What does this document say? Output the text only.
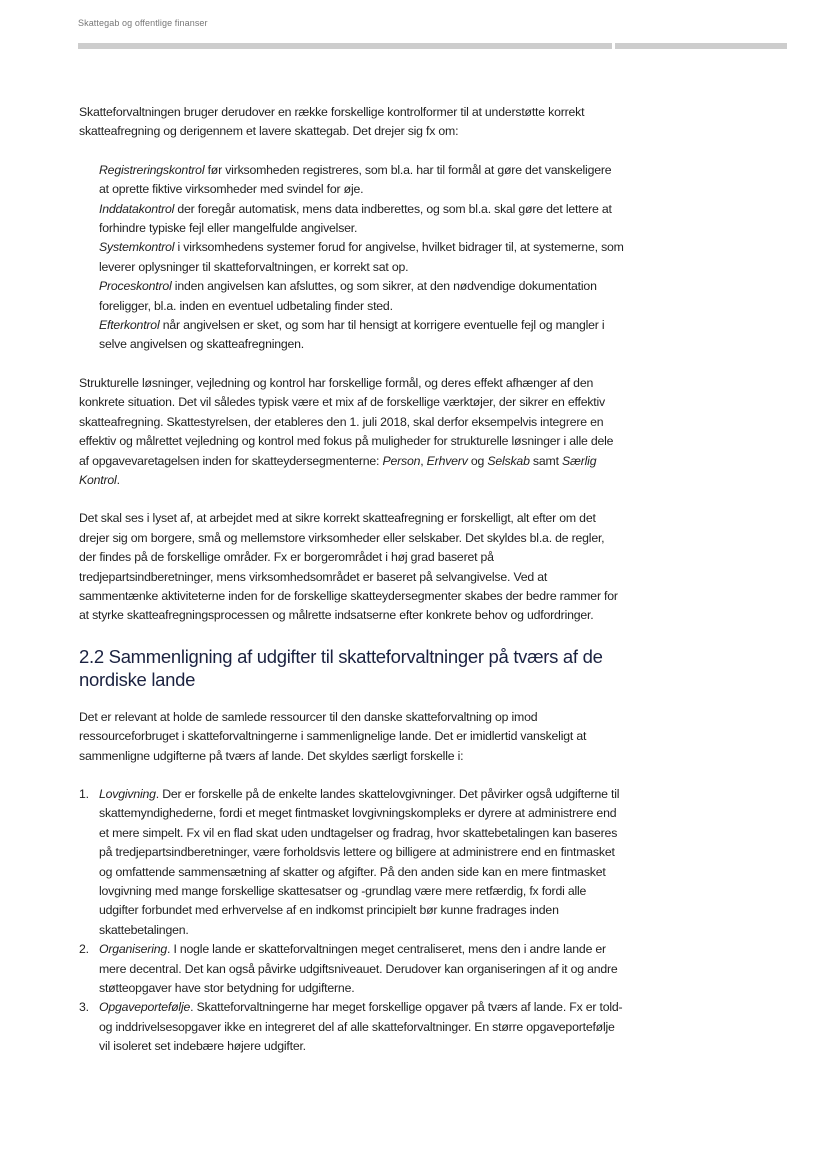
Skattegab og offentlige finanser

Skatteforvaltningen bruger derudover en række forskellige kontrolformer til at understøtte korrekt skatteafregning og derigennem et lavere skattegab. Det drejer sig fx om:

Registreringskontrol før virksomheden registreres, som bl.a. har til formål at gøre det vanskeligere at oprette fiktive virksomheder med svindel for øje.

Inddatakontrol der foregår automatisk, mens data indberettes, og som bl.a. skal gøre det lettere at forhindre typiske fejl eller mangelfulde angivelser.

Systemkontrol i virksomhedens systemer forud for angivelse, hvilket bidrager til, at systemerne, som leverer oplysninger til skatteforvaltningen, er korrekt sat op.

Proceskontrol inden angivelsen kan afsluttes, og som sikrer, at den nødvendige dokumentation foreligger, bl.a. inden en eventuel udbetaling finder sted.

Efterkontrol når angivelsen er sket, og som har til hensigt at korrigere eventuelle fejl og mangler i selve angivelsen og skatteafregningen.

Strukturelle løsninger, vejledning og kontrol har forskellige formål, og deres effekt afhænger af den konkrete situation. Det vil således typisk være et mix af de forskellige værktøjer, der sikrer en effektiv skatteafregning. Skattestyrelsen, der etableres den 1. juli 2018, skal derfor eksempelvis integrere en effektiv og målrettet vejledning og kontrol med fokus på muligheder for strukturelle løsninger i alle dele af opgavevaretagelsen inden for skatteydersegmenterne: Person, Erhverv og Selskab samt Særlig Kontrol.

Det skal ses i lyset af, at arbejdet med at sikre korrekt skatteafregning er forskelligt, alt efter om det drejer sig om borgere, små og mellemstore virksomheder eller selskaber. Det skyldes bl.a. de regler, der findes på de forskellige områder. Fx er borgerområdet i høj grad baseret på tredjepartsindberetninger, mens virksomhedsområdet er baseret på selvangivelse. Ved at sammentænke aktiviteterne inden for de forskellige skatteydersegmenter skabes der bedre rammer for at styrke skatteafregningsprocessen og målrette indsatserne efter konkrete behov og udfordringer.

2.2 Sammenligning af udgifter til skatteforvaltninger på tværs af de nordiske lande

Det er relevant at holde de samlede ressourcer til den danske skatteforvaltning op imod ressourceforbruget i skatteforvaltningerne i sammenlignelige lande. Det er imidlertid vanskeligt at sammenligne udgifterne på tværs af lande. Det skyldes særligt forskelle i:

1. Lovgivning. Der er forskelle på de enkelte landes skattelovgivninger. Det påvirker også udgifterne til skattemyndighederne, fordi et meget fintmasket lovgivningskompleks er dyrere at administrere end et mere simpelt. Fx vil en flad skat uden undtagelser og fradrag, hvor skattebetalingen kan baseres på tredjepartsindberetninger, være forholdsvis lettere og billigere at administrere end en fintmasket og omfattende sammensætning af skatter og afgifter. På den anden side kan en mere fintmasket lovgivning med mange forskellige skattesatser og -grundlag være mere retfærdig, fx fordi alle udgifter forbundet med erhvervelse af en indkomst principielt bør kunne fradrages inden skattebetalingen.
2. Organisering. I nogle lande er skatteforvaltningen meget centraliseret, mens den i andre lande er mere decentral. Det kan også påvirke udgiftsniveauet. Derudover kan organiseringen af it og andre støtteopgaver have stor betydning for udgifterne.
3. Opgaveportefølje. Skatteforvaltningerne har meget forskellige opgaver på tværs af lande. Fx er told- og inddrivelsesopgaver ikke en integreret del af alle skatteforvaltninger. En større opgaveportefølje vil isoleret set indebære højere udgifter.
